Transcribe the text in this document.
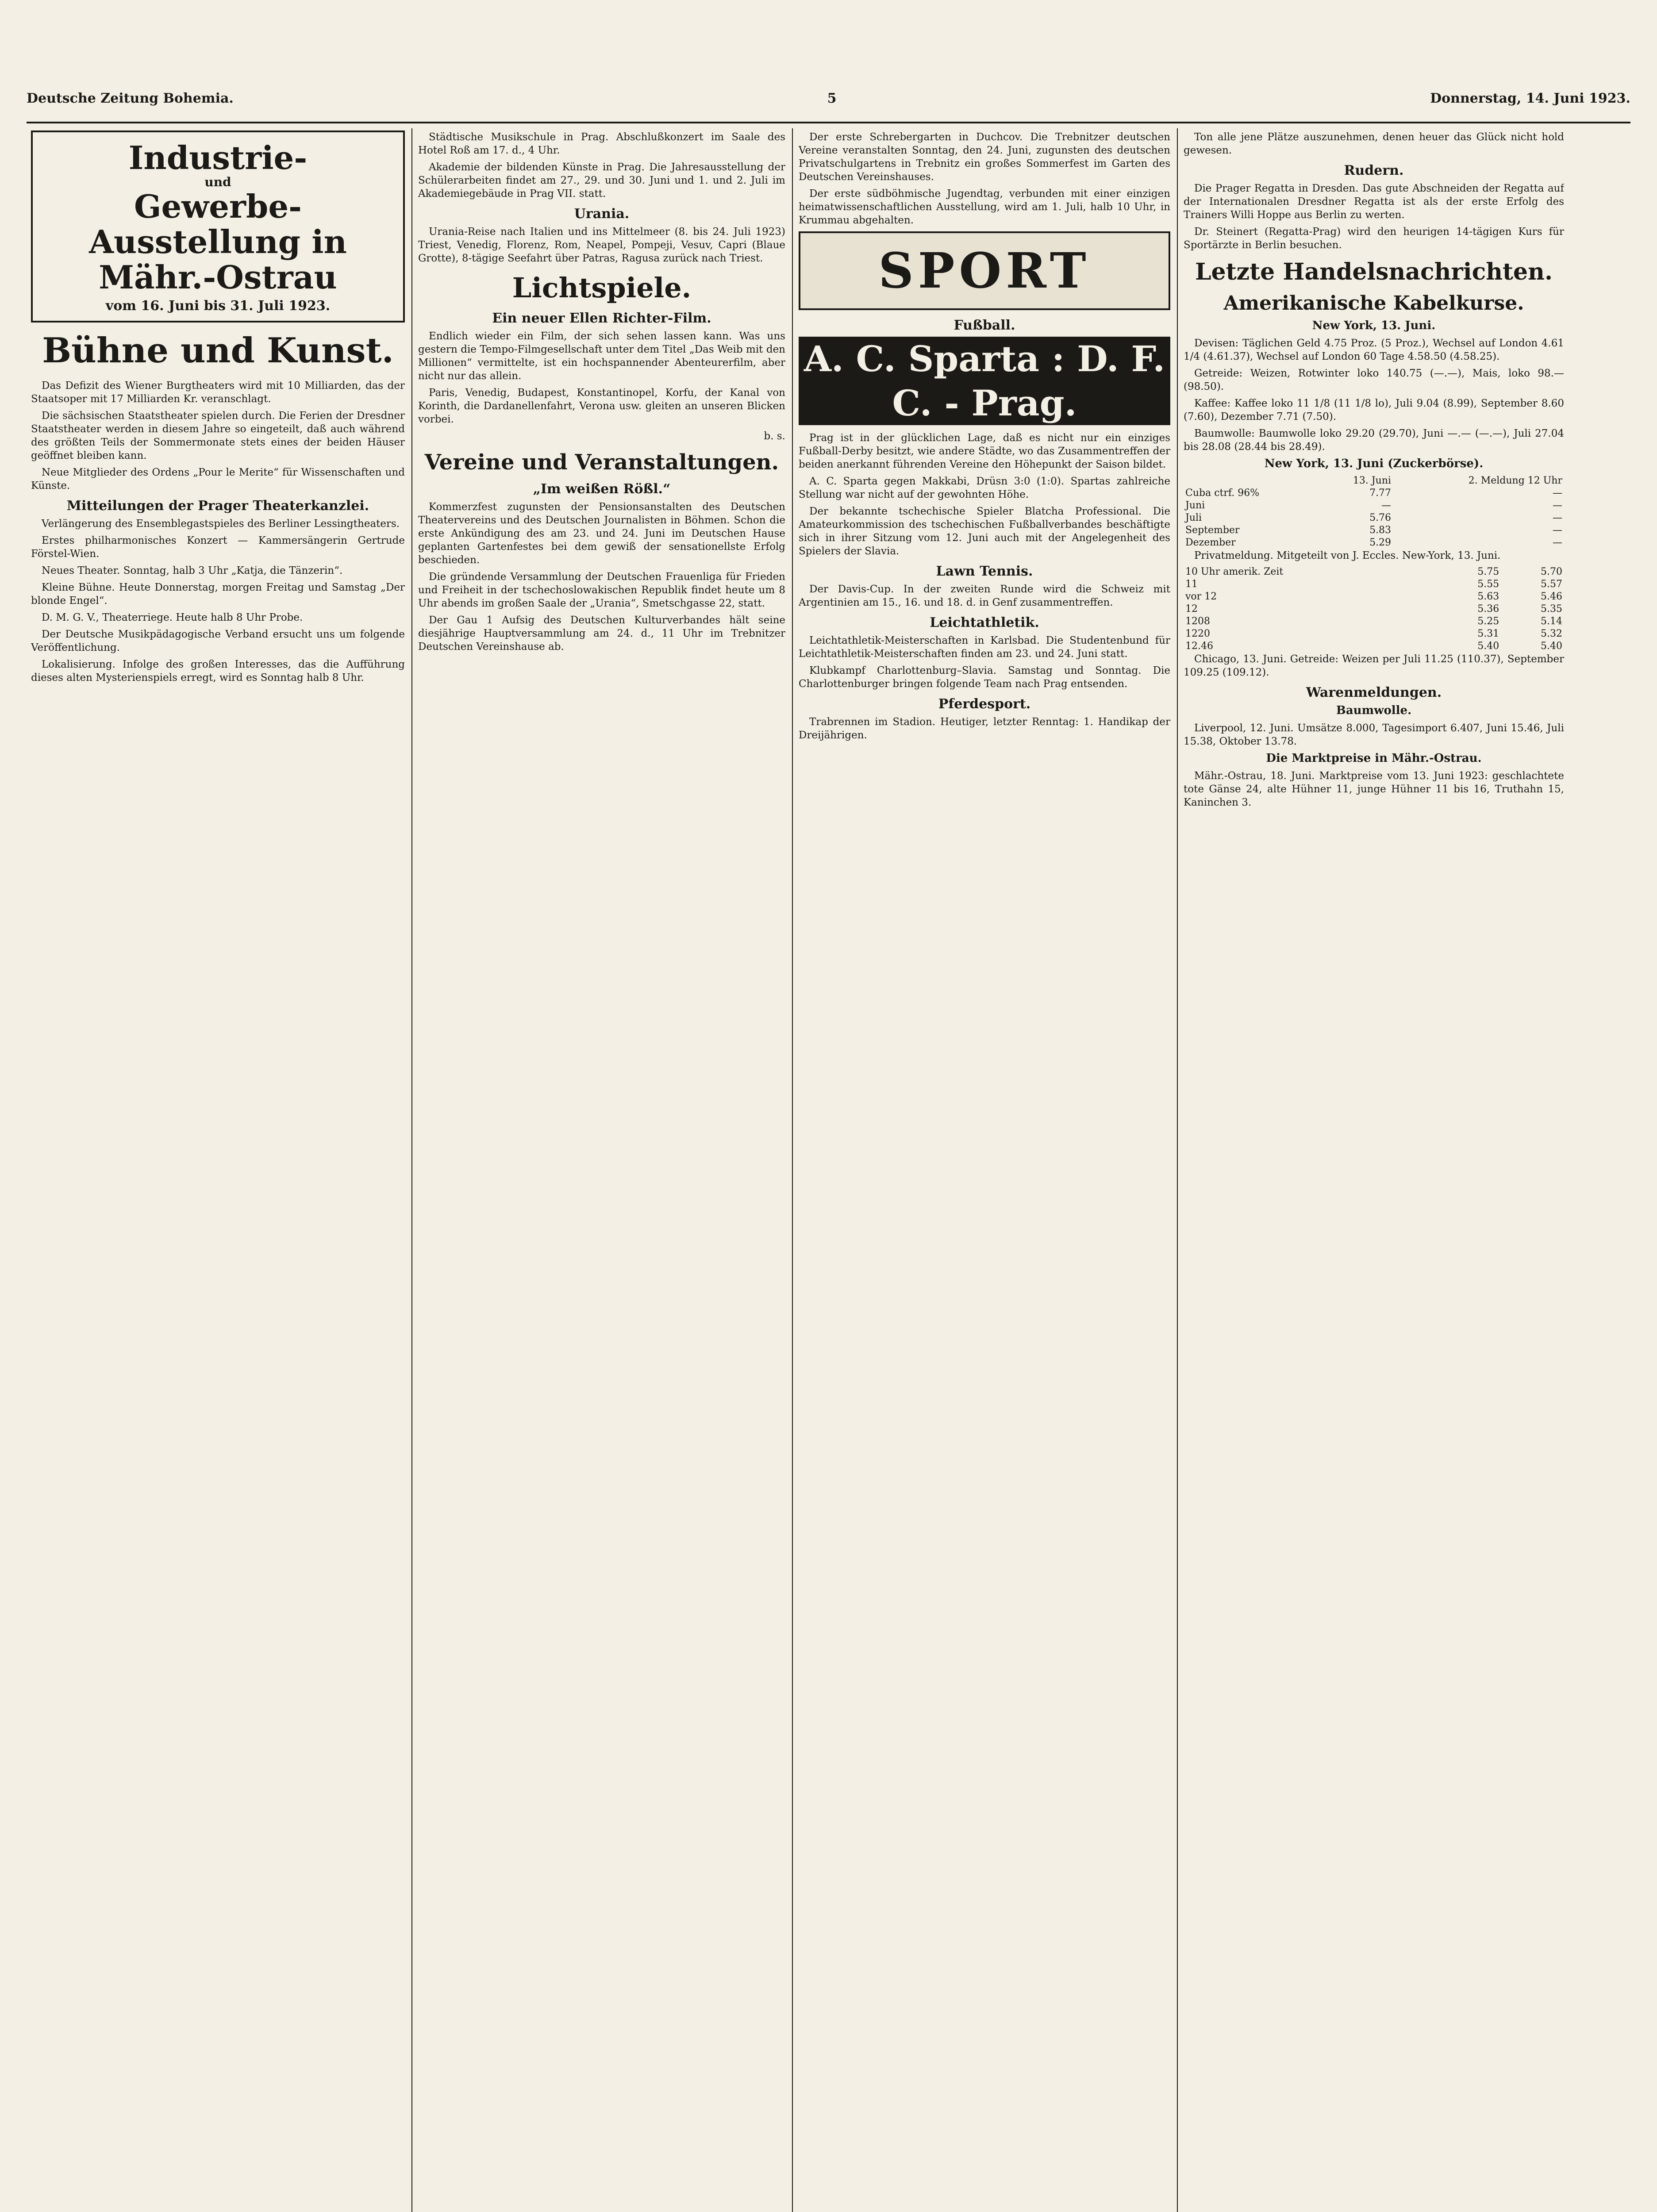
Deutsche Zeitung Bohemia.	5	Donnerstag, 14. Juni 1923.
Industrie-
und
Gewerbe-Ausstellung in Mähr.-Ostrau
vom 16. Juni bis 31. Juli 1923.
Bühne und Kunst.

Das Defizit des Wiener Burgtheaters wird mit 10 Milliarden, das der Staatsoper mit 17 Milliarden Kr. veranschlagt.

Die sächsischen Staatstheater spielen durch. Die Ferien der Dresdner Staatstheater werden in diesem Jahre so eingeteilt, daß auch während des größten Teils der Sommermonate stets eines der beiden Häuser geöffnet bleiben kann.

Neue Mitglieder des Ordens „Pour le Merite“ für Wissenschaften und Künste.

Mitteilungen der Prager Theaterkanzlei.

Verlängerung des Ensemblegastspieles des Berliner Lessingtheaters.

Erstes philharmonisches Konzert — Kammersängerin Gertrude Förstel-Wien.

Neues Theater. Sonntag, halb 3 Uhr „Katja, die Tänzerin“.

Kleine Bühne. Heute Donnerstag, morgen Freitag und Samstag „Der blonde Engel“.

D. M. G. V., Theaterriege. Heute halb 8 Uhr Probe.

Der Deutsche Musikpädagogische Verband ersucht uns um folgende Veröffentlichung.

Lokalisierung. Infolge des großen Interesses, das die Aufführung dieses alten Mysterienspiels erregt, wird es Sonntag halb 8 Uhr.

Städtische Musikschule in Prag. Abschlußkonzert im Saale des Hotel Roß am 17. d., 4 Uhr.

Akademie der bildenden Künste in Prag. Die Jahresausstellung der Schülerarbeiten findet am 27., 29. und 30. Juni und 1. und 2. Juli im Akademiegebäude in Prag VII. statt.

Urania.

Urania-Reise nach Italien und ins Mittelmeer (8. bis 24. Juli 1923) Triest, Venedig, Florenz, Rom, Neapel, Pompeji, Vesuv, Capri (Blaue Grotte), 8-tägige Seefahrt über Patras, Ragusa zurück nach Triest.

Lichtspiele.
Ein neuer Ellen Richter-Film.

Endlich wieder ein Film, der sich sehen lassen kann. Was uns gestern die Tempo-Filmgesellschaft unter dem Titel „Das Weib mit den Millionen“ vermittelte, ist ein hochspannender Abenteurerfilm, aber nicht nur das allein.

Paris, Venedig, Budapest, Konstantinopel, Korfu, der Kanal von Korinth, die Dardanellenfahrt, Verona usw. gleiten an unseren Blicken vorbei.

b. s.
Vereine und Veranstaltungen.
„Im weißen Rößl.“

Kommerzfest zugunsten der Pensionsanstalten des Deutschen Theatervereins und des Deutschen Journalisten in Böhmen. Schon die erste Ankündigung des am 23. und 24. Juni im Deutschen Hause geplanten Gartenfestes bei dem gewiß der sensationellste Erfolg beschieden.

Die gründende Versammlung der Deutschen Frauenliga für Frieden und Freiheit in der tschechoslowakischen Republik findet heute um 8 Uhr abends im großen Saale der „Urania“, Smetschgasse 22, statt.

Der Gau 1 Aufsig des Deutschen Kulturverbandes hält seine diesjährige Hauptversammlung am 24. d., 11 Uhr im Trebnitzer Deutschen Vereinshause ab.

Der erste Schrebergarten in Duchcov. Die Trebnitzer deutschen Vereine veranstalten Sonntag, den 24. Juni, zugunsten des deutschen Privatschulgartens in Trebnitz ein großes Sommerfest im Garten des Deutschen Vereinshauses.

Der erste südböhmische Jugendtag, verbunden mit einer einzigen heimatwissenschaftlichen Ausstellung, wird am 1. Juli, halb 10 Uhr, in Krummau abgehalten.

SPORT
Fußball.
A. C. Sparta : D. F. C. - Prag.

Prag ist in der glücklichen Lage, daß es nicht nur ein einziges Fußball-Derby besitzt, wie andere Städte, wo das Zusammentreffen der beiden anerkannt führenden Vereine den Höhepunkt der Saison bildet.

A. C. Sparta gegen Makkabi, Drüsn 3:0 (1:0). Spartas zahlreiche Stellung war nicht auf der gewohnten Höhe.

Der bekannte tschechische Spieler Blatcha Professional. Die Amateurkommission des tschechischen Fußballverbandes beschäftigte sich in ihrer Sitzung vom 12. Juni auch mit der Angelegenheit des Spielers der Slavia.

Lawn Tennis.

Der Davis-Cup. In der zweiten Runde wird die Schweiz mit Argentinien am 15., 16. und 18. d. in Genf zusammentreffen.

Leichtathletik.

Leichtathletik-Meisterschaften in Karlsbad. Die Studentenbund für Leichtathletik-Meisterschaften finden am 23. und 24. Juni statt.

Klubkampf Charlottenburg–Slavia. Samstag und Sonntag. Die Charlottenburger bringen folgende Team nach Prag entsenden.

Pferdesport.

Trabrennen im Stadion. Heutiger, letzter Renntag: 1. Handikap der Dreijährigen.

Ton alle jene Plätze auszunehmen, denen heuer das Glück nicht hold gewesen.

Rudern.

Die Prager Regatta in Dresden. Das gute Abschneiden der Regatta auf der Internationalen Dresdner Regatta ist als der erste Erfolg des Trainers Willi Hoppe aus Berlin zu werten.

Dr. Steinert (Regatta-Prag) wird den heurigen 14-tägigen Kurs für Sportärzte in Berlin besuchen.

Letzte Handelsnachrichten.
Amerikanische Kabelkurse.
New York, 13. Juni.

Devisen: Täglichen Geld 4.75 Proz. (5 Proz.), Wechsel auf London 4.61 1/4 (4.61.37), Wechsel auf London 60 Tage 4.58.50 (4.58.25).

Getreide: Weizen, Rotwinter loko 140.75 (—.—), Mais, loko 98.— (98.50).

Kaffee: Kaffee loko 11 1/8 (11 1/8 lo), Juli 9.04 (8.99), September 8.60 (7.60), Dezember 7.71 (7.50).

Baumwolle: Baumwolle loko 29.20 (29.70), Juni —.— (—.—), Juli 27.04 bis 28.08 (28.44 bis 28.49).

New York, 13. Juni (Zuckerbörse).
	13. Juni	2. Meldung 12 Uhr
Cuba ctrf. 96%	7.77	—
Juni	—	—
Juli	5.76	—
September	5.83	—
Dezember	5.29	—

Privatmeldung. Mitgeteilt von J. Eccles. New-York, 13. Juni.

10 Uhr amerik. Zeit	5.75	5.70
11	5.55	5.57
vor 12	5.63	5.46
12	5.36	5.35
1208	5.25	5.14
1220	5.31	5.32
12.46	5.40	5.40

Chicago, 13. Juni. Getreide: Weizen per Juli 11.25 (110.37), September 109.25 (109.12).

Warenmeldungen.
Baumwolle.

Liverpool, 12. Juni. Umsätze 8.000, Tagesimport 6.407, Juni 15.46, Juli 15.38, Oktober 13.78.

Die Marktpreise in Mähr.-Ostrau.

Mähr.-Ostrau, 18. Juni. Marktpreise vom 13. Juni 1923: geschlachtete tote Gänse 24, alte Hühner 11, junge Hühner 11 bis 16, Truthahn 15, Kaninchen 3.
